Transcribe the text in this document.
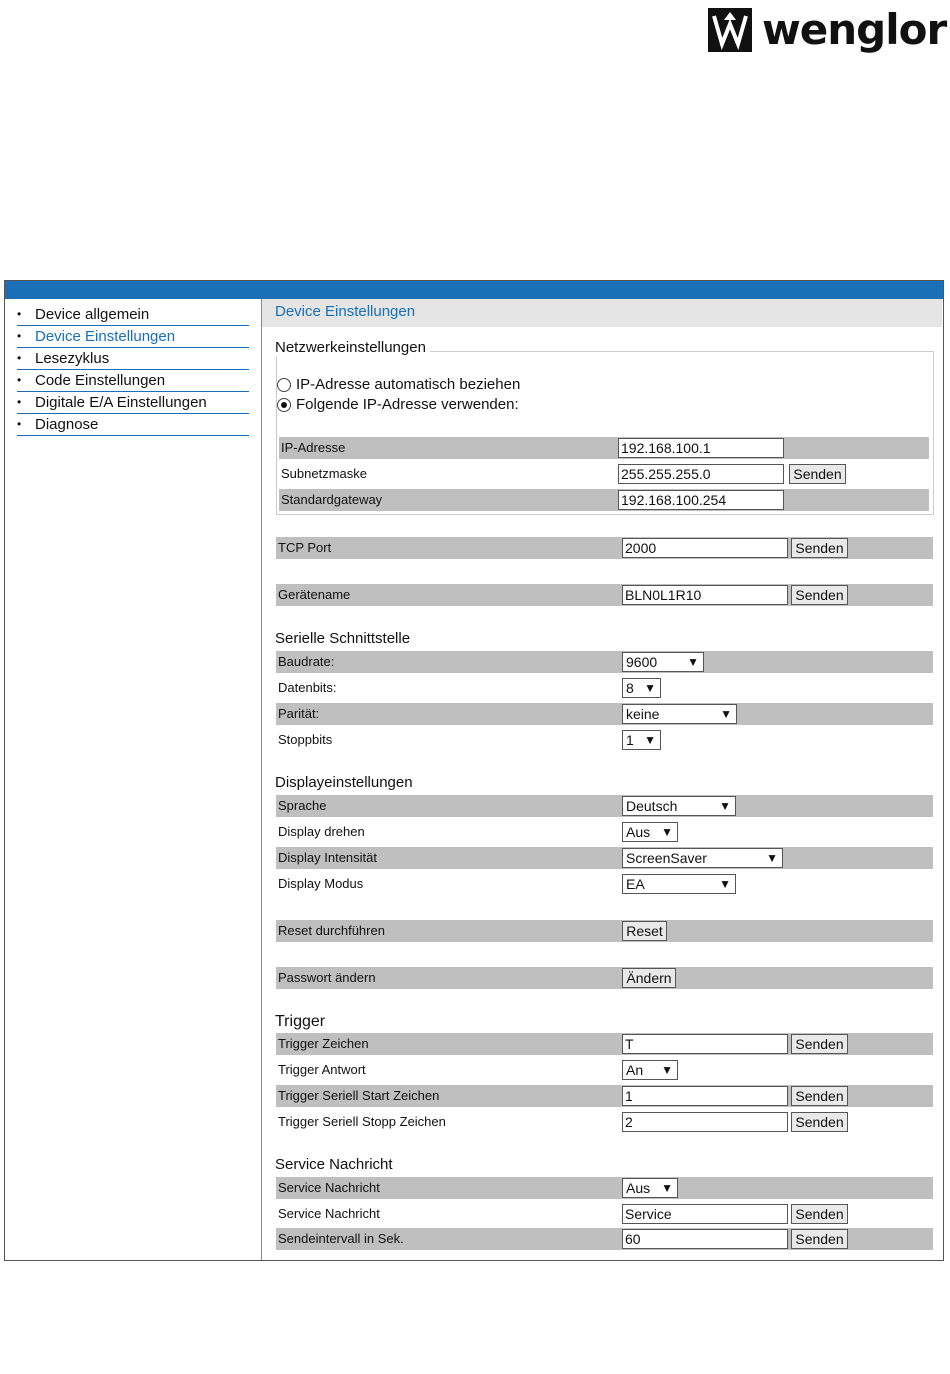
wenglor
• Device allgemein
• Device Einstellungen
• Lesezyklus
• Code Einstellungen
• Digitale E/A Einstellungen
• Diagnose
Device Einstellungen
Netzwerkeinstellungen
IP-Adresse automatisch beziehen
Folgende IP-Adresse verwenden:
IP-Adresse	192.168.100.1
Subnetzmaske	255.255.255.0	Senden
Standardgateway	192.168.100.254
TCP Port	2000	Senden
Gerätename	BLN0L1R10	Senden
Serielle Schnittstelle
Baudrate:	9600 ▼
Datenbits:	8 ▼
Parität:	keine	▼
Stoppbits	1 ▼
Displayeinstellungen
Sprache	Deutsch	▼
Display drehen	Aus ▼
Display Intensität	ScreenSaver	▼
Display Modus	EA	▼
Reset durchführen	Reset
Passwort ändern	Ändern
Trigger
Trigger Zeichen	T	Senden
Trigger Antwort	An ▼
Trigger Seriell Start Zeichen	1	Senden
Trigger Seriell Stopp Zeichen	2	Senden
Service Nachricht
Service Nachricht	Aus ▼
Service Nachricht	Service	Senden
Sendeintervall in Sek.	60	Senden
